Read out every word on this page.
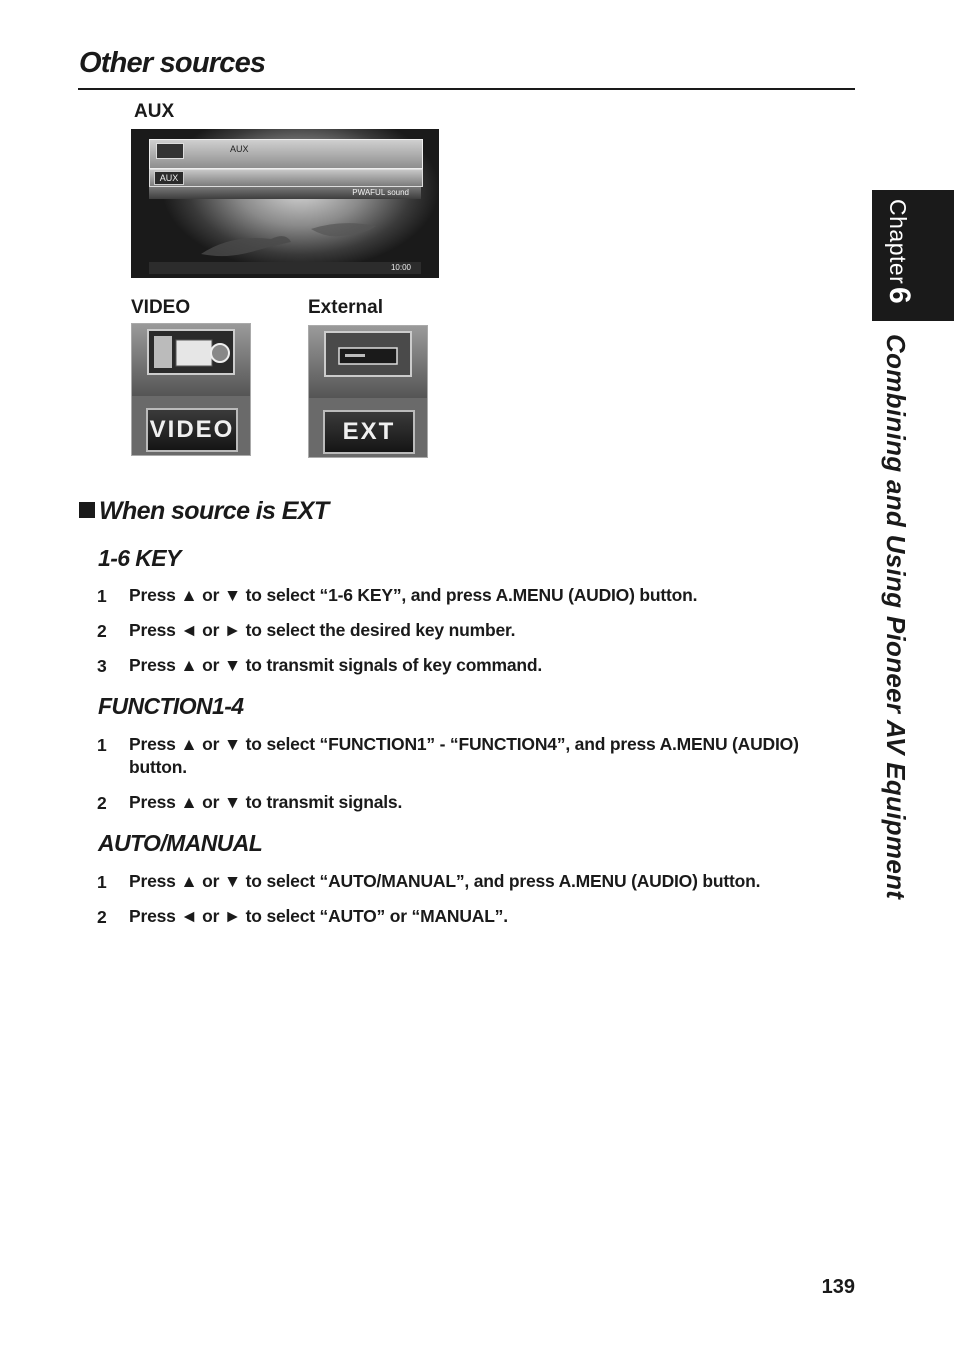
Other sources
AUX
AUX
AUX
PWAFUL sound
10:00
VIDEO
VIDEO
External
EXT
When source is EXT
1-6 KEY
1 Press ▲ or ▼ to select “1-6 KEY”, and press A.MENU (AUDIO) button.
2 Press ◄ or ► to select the desired key number.
3 Press ▲ or ▼ to transmit signals of key command.
FUNCTION1-4
1 Press ▲ or ▼ to select “FUNCTION1” - “FUNCTION4”, and press A.MENU (AUDIO) button.
2 Press ▲ or ▼ to transmit signals.
AUTO/MANUAL
1 Press ▲ or ▼ to select “AUTO/MANUAL”, and press A.MENU (AUDIO) button.
2 Press ◄ or ► to select “AUTO” or “MANUAL”.
Chapter
6
Combining and Using Pioneer AV Equipment
139
